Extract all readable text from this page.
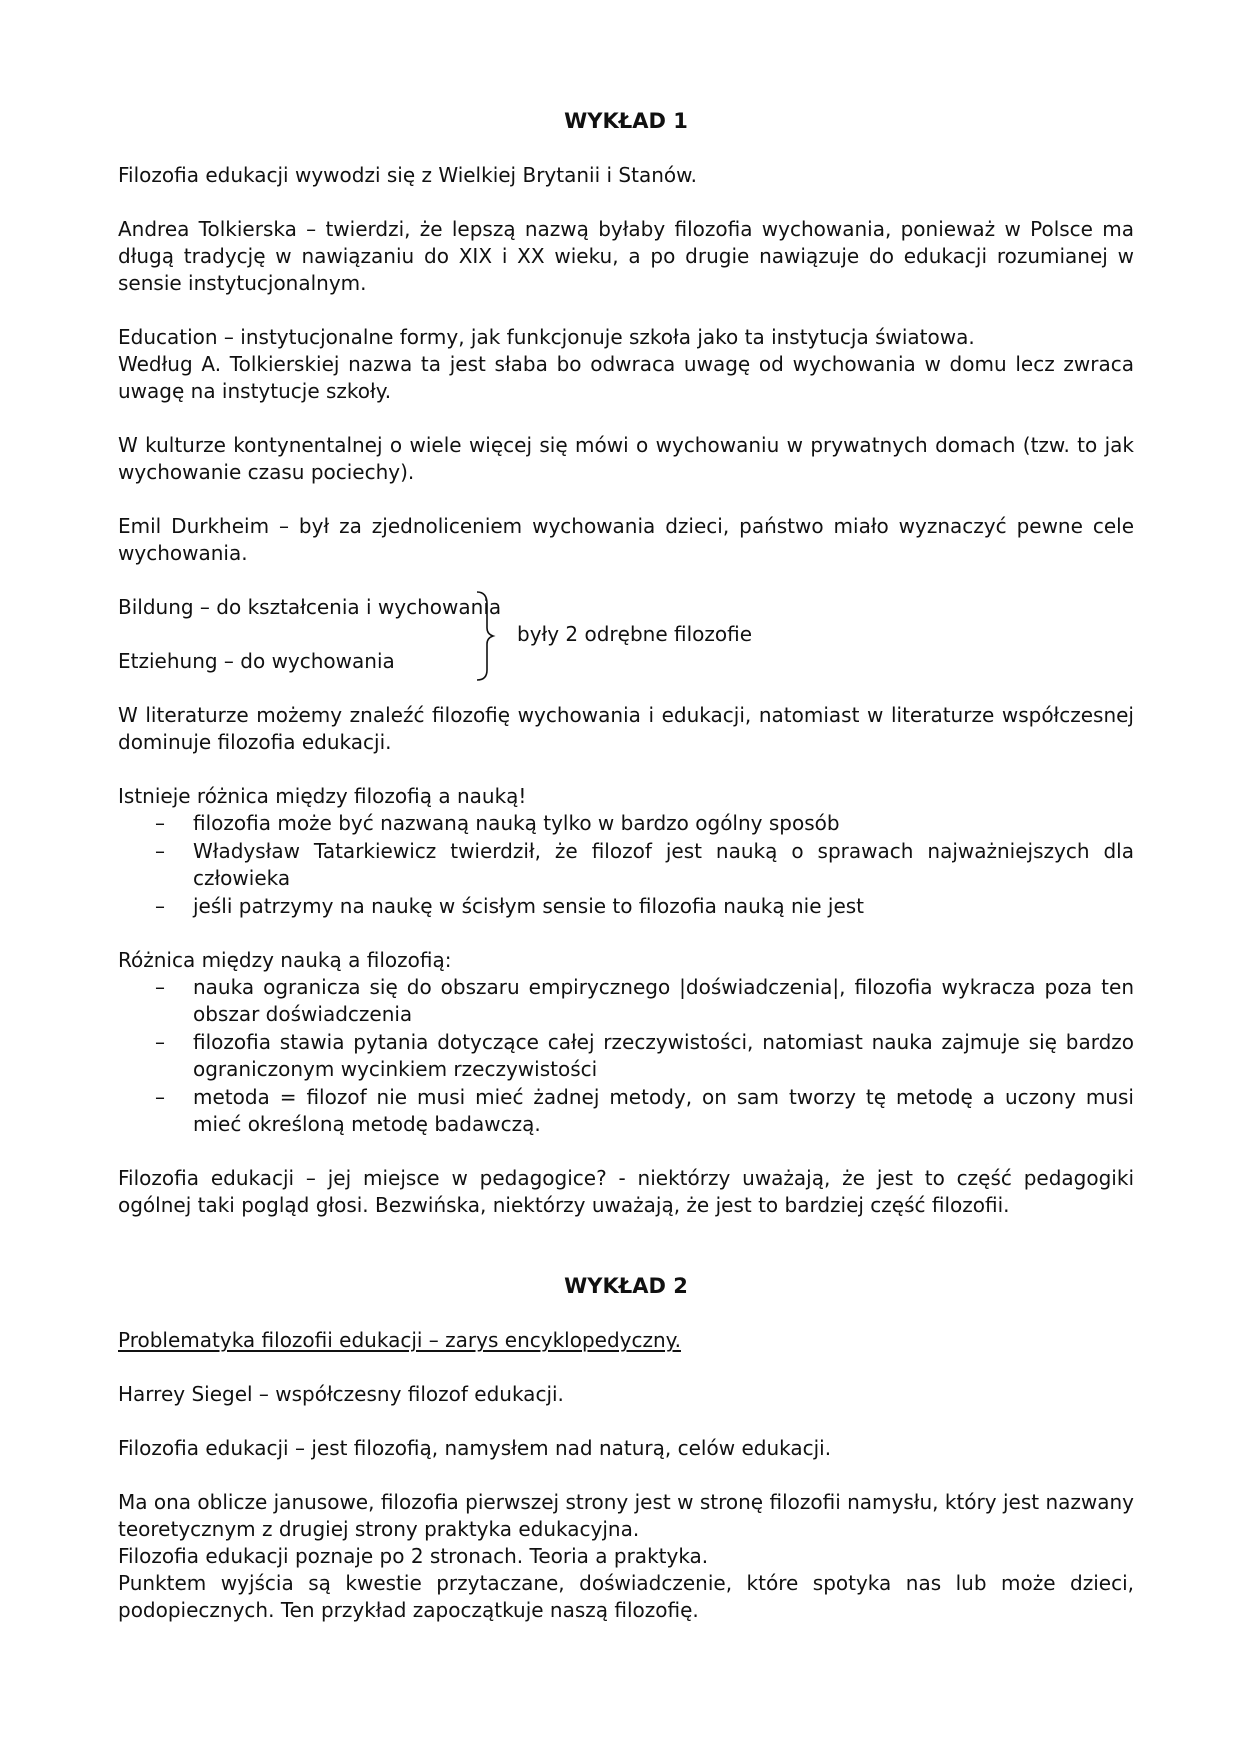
WYKŁAD 1

Filozofia edukacji wywodzi się z Wielkiej Brytanii i Stanów.

Andrea Tolkierska – twierdzi, że lepszą nazwą byłaby filozofia wychowania, ponieważ w Polsce ma długą tradycję w nawiązaniu do XIX i XX wieku, a po drugie nawiązuje do edukacji rozumianej w sensie instytucjonalnym.

Education – instytucjonalne formy, jak funkcjonuje szkoła jako ta instytucja światowa.

Według A. Tolkierskiej nazwa ta jest słaba bo odwraca uwagę od wychowania w domu lecz zwraca uwagę na instytucje szkoły.

W kulturze kontynentalnej o wiele więcej się mówi o wychowaniu w prywatnych domach (tzw. to jak wychowanie czasu pociechy).

Emil Durkheim – był za zjednoliceniem wychowania dzieci, państwo miało wyznaczyć pewne cele wychowania.

Bildung – do kształcenia i wychowania
Etziehung – do wychowania
były 2 odrębne filozofie

W literaturze możemy znaleźć filozofię wychowania i edukacji, natomiast w literaturze współczesnej dominuje filozofia edukacji.

Istnieje różnica między filozofią a nauką!

– filozofia może być nazwaną nauką tylko w bardzo ogólny sposób
– Władysław Tatarkiewicz twierdził, że filozof jest nauką o sprawach najważniejszych dla człowieka
– jeśli patrzymy na naukę w ścisłym sensie to filozofia nauką nie jest

Różnica między nauką a filozofią:

– nauka ogranicza się do obszaru empirycznego |doświadczenia|, filozofia wykracza poza ten obszar doświadczenia
– filozofia stawia pytania dotyczące całej rzeczywistości, natomiast nauka zajmuje się bardzo ograniczonym wycinkiem rzeczywistości
– metoda = filozof nie musi mieć żadnej metody, on sam tworzy tę metodę a uczony musi mieć określoną metodę badawczą.

Filozofia edukacji – jej miejsce w pedagogice? - niektórzy uważają, że jest to część pedagogiki ogólnej taki pogląd głosi. Bezwińska, niektórzy uważają, że jest to bardziej część filozofii.

WYKŁAD 2

Problematyka filozofii edukacji – zarys encyklopedyczny.

Harrey Siegel – współczesny filozof edukacji.

Filozofia edukacji – jest filozofią, namysłem nad naturą, celów edukacji.

Ma ona oblicze janusowe, filozofia pierwszej strony jest w stronę filozofii namysłu, który jest nazwany teoretycznym z drugiej strony praktyka edukacyjna.

Filozofia edukacji poznaje po 2 stronach. Teoria a praktyka.

Punktem wyjścia są kwestie przytaczane, doświadczenie, które spotyka nas lub może dzieci, podopiecznych. Ten przykład zapoczątkuje naszą filozofię.
